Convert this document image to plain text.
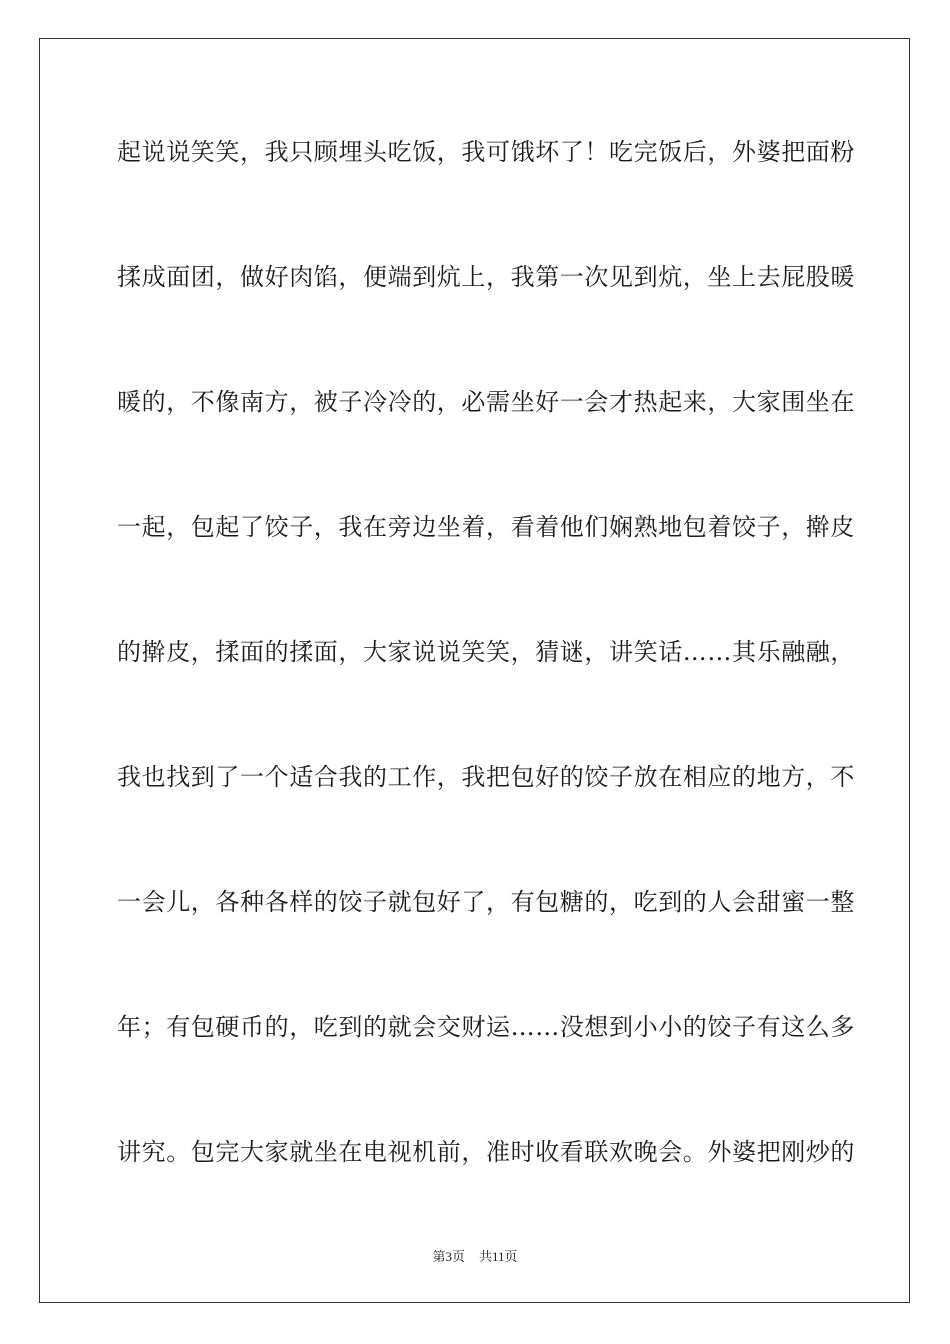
起说说笑笑，我只顾埋头吃饭，我可饿坏了！吃完饭后，外婆把面粉
揉成面团，做好肉馅，便端到炕上，我第一次见到炕，坐上去屁股暖
暖的，不像南方，被子冷冷的，必需坐好一会才热起来，大家围坐在
一起，包起了饺子，我在旁边坐着，看着他们娴熟地包着饺子，擀皮
的擀皮，揉面的揉面，大家说说笑笑，猜谜，讲笑话……其乐融融，
我也找到了一个适合我的工作，我把包好的饺子放在相应的地方，不
一会儿，各种各样的饺子就包好了，有包糖的，吃到的人会甜蜜一整
年；有包硬币的，吃到的就会交财运……没想到小小的饺子有这么多
讲究。包完大家就坐在电视机前，准时收看联欢晚会。外婆把刚炒的
第3页 共11页
